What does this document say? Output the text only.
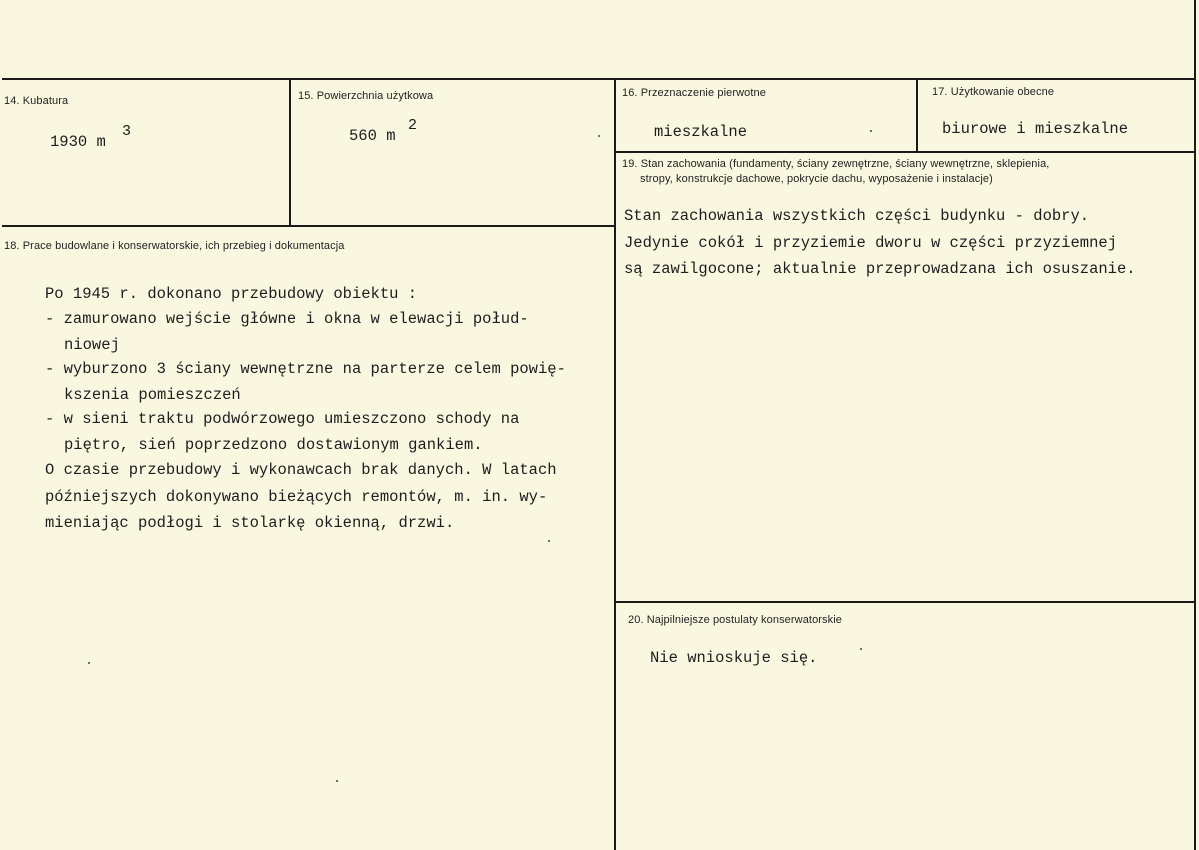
14. Kubatura
1930 m
3
15. Powierzchnia użytkowa
560 m
2
16. Przeznaczenie pierwotne
mieszkalne
17. Użytkowanie obecne
biurowe i mieszkalne
19. Stan zachowania (fundamenty, ściany zewnętrzne, ściany wewnętrzne, sklepienia,
stropy, konstrukcje dachowe, pokrycie dachu, wyposażenie i instalacje)
Stan zachowania wszystkich części budynku - dobry.
Jedynie cokół i przyziemie dworu w części przyziemnej
są zawilgocone; aktualnie przeprowadzana ich osuszanie.
18. Prace budowlane i konserwatorskie, ich przebieg i dokumentacja
Po 1945 r. dokonano przebudowy obiektu :
- zamurowano wejście główne i okna w elewacji połud-
niowej
- wyburzono 3 ściany wewnętrzne na parterze celem powię-
kszenia pomieszczeń
- w sieni traktu podwórzowego umieszczono schody na
piętro, sień poprzedzono dostawionym gankiem.
O czasie przebudowy i wykonawcach brak danych. W latach
późniejszych dokonywano bieżących remontów, m. in. wy-
mieniając podłogi i stolarkę okienną, drzwi.
20. Najpilniejsze postulaty konserwatorskie
Nie wnioskuje się.
